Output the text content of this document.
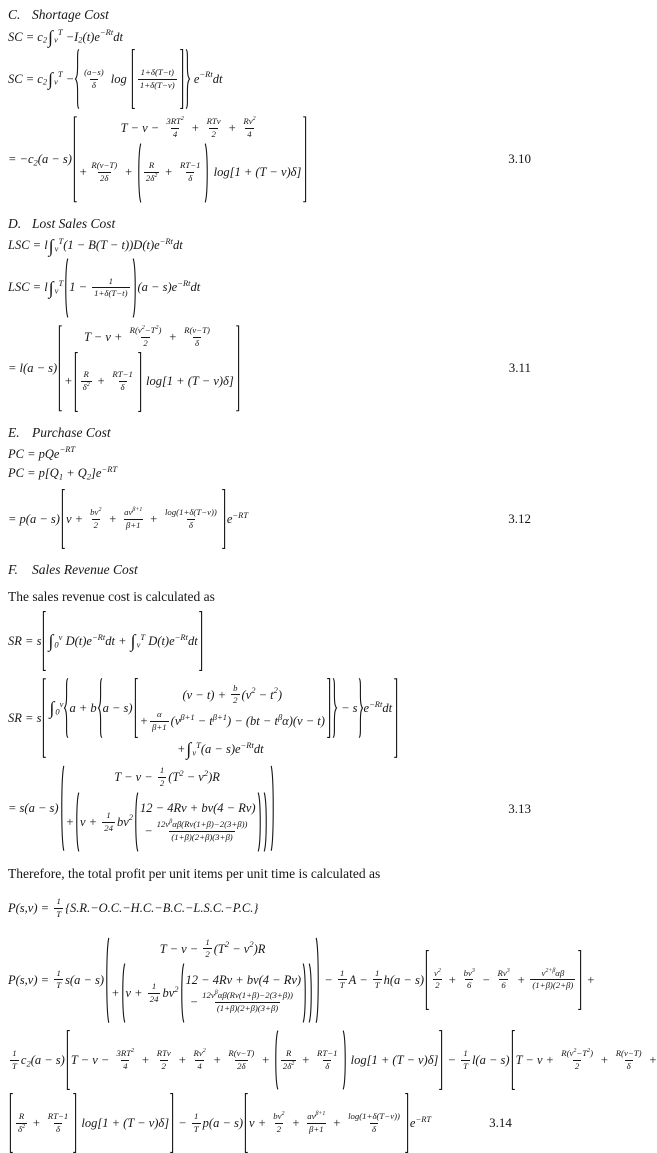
C. Shortage Cost
SC = c 2 ∫ v
T −I 2 (t)e −Rt dt
SC = c 2 ∫ v
$T - \frac{(a-s)}{\delta}$ $\log \frac{1+\delta(T-t)}{1+\delta(T-v)}$ e −Rt dt
= −c 2 (a − s)
$T - v - \frac{3RT 2}{4}$ + RTv
$2 + \frac{Rv 2}{4}$
+ $\frac{R(v-T)}{2\delta} + \frac{R}{2\delta 2} + \frac{RT-1}{\delta} \log[1 + (T - v)\delta]$
3.10
D. Lost Sales Cost
LSC = l ∫ v
T (1 − B(T − t))D(t)e −Rt dt
LSC = l ∫ v
T $1 - \frac{1}{1+\delta(T-t)} (a - s)e -Rt$ dt
= l(a − s)
$T - v + \frac{R(v 2 -T 2 )}{2} + \frac{R(v-T)}{\delta}$
+ $\frac{R}{\delta 2} + \frac{RT-1}{\delta} \log[1 + (T - v)\delta]$
3.11
E. Purchase Cost
PC = pQe −RT
PC = p[Q 1 + Q 2 ]e −RT
= p(a − s) $v + \frac{bv 2}{2}$ + av β+1
$\beta+1 + \frac{\log(1+\delta(T-v))}{\delta}$ e −RT	3.12
F.	Sales Revenue Cost
The sales revenue cost is calculated as
SR = s ∫ 0
v D(t)e −Rt dt + ∫ v
T D(t)e −Rt dt
SR = s ∫ 0
v a + b a − s)
$(v - t) + \frac{b}{2} (v$ 2 − t 2 )
+ $\frac{\alpha}{\beta+1} (v$ β+1 − t β+1 ) − (bt − t β α)(v − t)
− s e −Rt dt
+ ∫ v
T (a − s)e −Rt dt
= s(a − s)
$T - v - \frac{1}{2} (T$ 2 − v 2 )R
+ $v + \frac{1}{24}$ bv 2
12 − 4Rv + bv(4 − Rv)
− 12v β αβ(Rv(1+β)−2(3+β))
(1+β)(2+β)(3+β)
3.13
Therefore, the total profit per unit items per unit time is calculated as
$P(s,v) = \frac{1}{T} \{S.R.-O.C.-H.C.-B.C.-L.S.C.-P.C.\}$
$P(s,v) = \frac{1}{T} s(a - s)$
$T - v - \frac{1}{2} (T$ 2 − v 2 )R
+ $v + \frac{1}{24}$ bv 2
12 − 4Rv + bv(4 − Rv)
− 12v β αβ(Rv(1+β)−2(3+β))
(1+β)(2+β)(3+β)
− $\frac{1}{T}$ $A - \frac{1}{T} h(a - s) \frac{v 2}{2} + \frac{bv 3}{6} - \frac{Rv 3}{6} + v$ 2+β αβ
(1+β)(2+β) +
$\frac{1}{T}$ c 2 (a − s) $T - v - \frac{3RT 2}{4}$ + RTv
$2 + \frac{Rv 2}{4} + \frac{R(v-T)}{2\delta} + \frac{R}{2\delta 2} + \frac{RT-1}{\delta} \log[1 + (T - v)\delta] - \frac{1}{T} l(a - s) T - v + \frac{R(v 2 -T 2 )}{2} + \frac{R(v-T)}{\delta}$ +
$\frac{R}{\delta 2} + \frac{RT-1}{\delta} \log[1 + (T - v)\delta] - \frac{1}{T} p(a - s) v + \frac{bv 2}{2}$ + av β+1
$\beta+1 + \frac{\log(1+\delta(T-v))}{\delta}$ e −RT	3.14
